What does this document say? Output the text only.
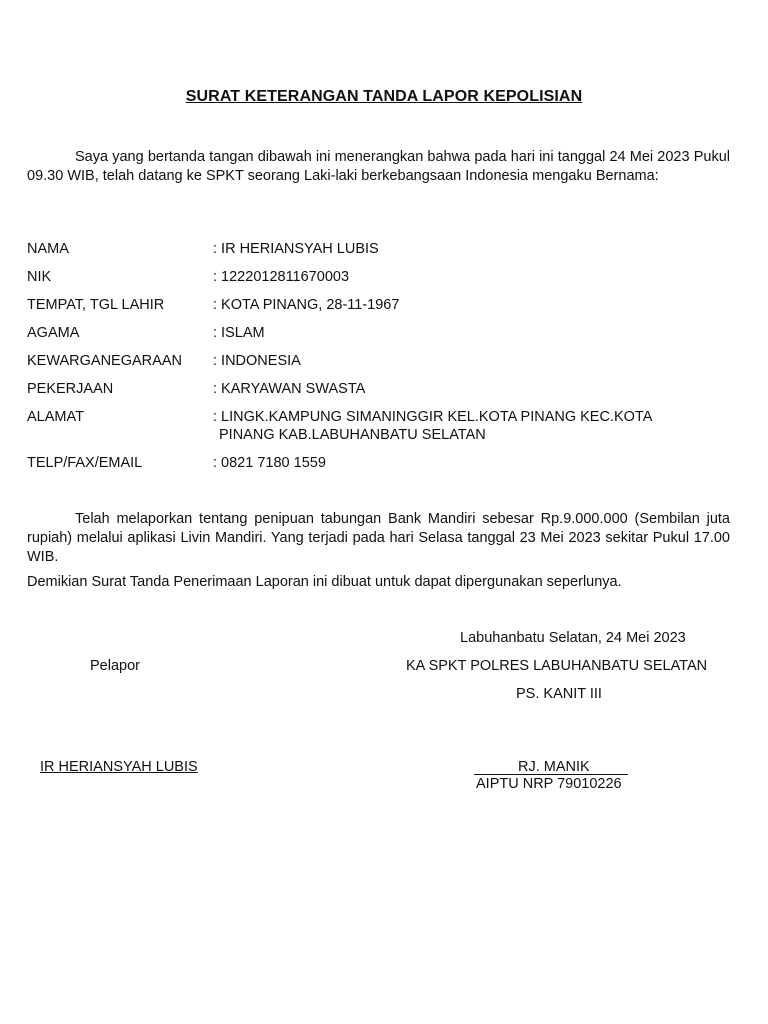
SURAT KETERANGAN TANDA LAPOR KEPOLISIAN
Saya yang bertanda tangan dibawah ini menerangkan bahwa pada hari ini tanggal 24 Mei 2023 Pukul 09.30 WIB, telah datang ke SPKT seorang Laki-laki berkebangsaan Indonesia mengaku Bernama:
NAMA	: IR HERIANSYAH LUBIS
NIK	: 1222012811670003
TEMPAT, TGL LAHIR	: KOTA PINANG, 28-11-1967
AGAMA	: ISLAM
KEWARGANEGARAAN : INDONESIA
PEKERJAAN	: KARYAWAN SWASTA
ALAMAT	: LINGK.KAMPUNG SIMANINGGIR KEL.KOTA PINANG KEC.KOTA
PINANG KAB.LABUHANBATU SELATAN
TELP/FAX/EMAIL	: 0821 7180 1559
Telah melaporkan tentang penipuan tabungan Bank Mandiri sebesar Rp.9.000.000 (Sembilan juta rupiah) melalui aplikasi Livin Mandiri. Yang terjadi pada hari Selasa tanggal 23 Mei 2023 sekitar Pukul 17.00 WIB.
Demikian Surat Tanda Penerimaan Laporan ini dibuat untuk dapat dipergunakan seperlunya.
Labuhanbatu Selatan, 24 Mei 2023
Pelapor	KA SPKT POLRES LABUHANBATU SELATAN
PS. KANIT III
IR HERIANSYAH LUBIS	RJ. MANIK
AIPTU NRP 79010226
